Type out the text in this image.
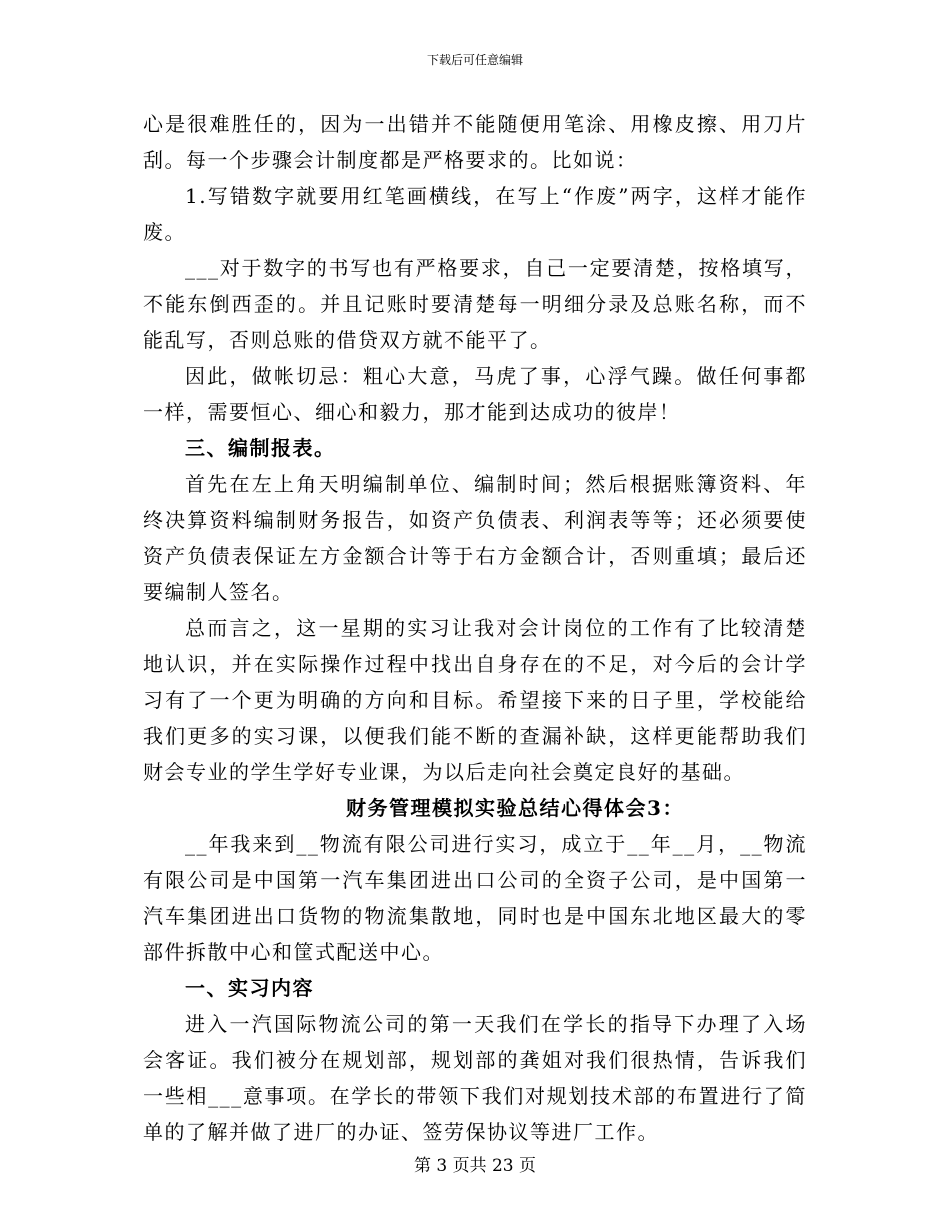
下载后可任意编辑

心是很难胜任的，因为一出错并不能随便用笔涂、用橡皮擦、用刀片刮。每一个步骤会计制度都是严格要求的。比如说：

1.写错数字就要用红笔画横线，在写上“作废”两字，这样才能作废。

___对于数字的书写也有严格要求，自己一定要清楚，按格填写，不能东倒西歪的。并且记账时要清楚每一明细分录及总账名称，而不能乱写，否则总账的借贷双方就不能平了。

因此，做帐切忌：粗心大意，马虎了事，心浮气躁。做任何事都一样，需要恒心、细心和毅力，那才能到达成功的彼岸！

三、编制报表。

首先在左上角天明编制单位、编制时间；然后根据账簿资料、年终决算资料编制财务报告，如资产负债表、利润表等等；还必须要使资产负债表保证左方金额合计等于右方金额合计，否则重填；最后还要编制人签名。

总而言之，这一星期的实习让我对会计岗位的工作有了比较清楚地认识，并在实际操作过程中找出自身存在的不足，对今后的会计学习有了一个更为明确的方向和目标。希望接下来的日子里，学校能给我们更多的实习课，以便我们能不断的查漏补缺，这样更能帮助我们财会专业的学生学好专业课，为以后走向社会奠定良好的基础。

财务管理模拟实验总结心得体会3：

__年我来到__物流有限公司进行实习，成立于__年__月，__物流有限公司是中国第一汽车集团进出口公司的全资子公司，是中国第一汽车集团进出口货物的物流集散地，同时也是中国东北地区最大的零部件拆散中心和筐式配送中心。

一、实习内容

进入一汽国际物流公司的第一天我们在学长的指导下办理了入场会客证。我们被分在规划部，规划部的龚姐对我们很热情，告诉我们一些相___意事项。在学长的带领下我们对规划技术部的布置进行了简单的了解并做了进厂的办证、签劳保协议等进厂工作。

第 3 页共 23 页
